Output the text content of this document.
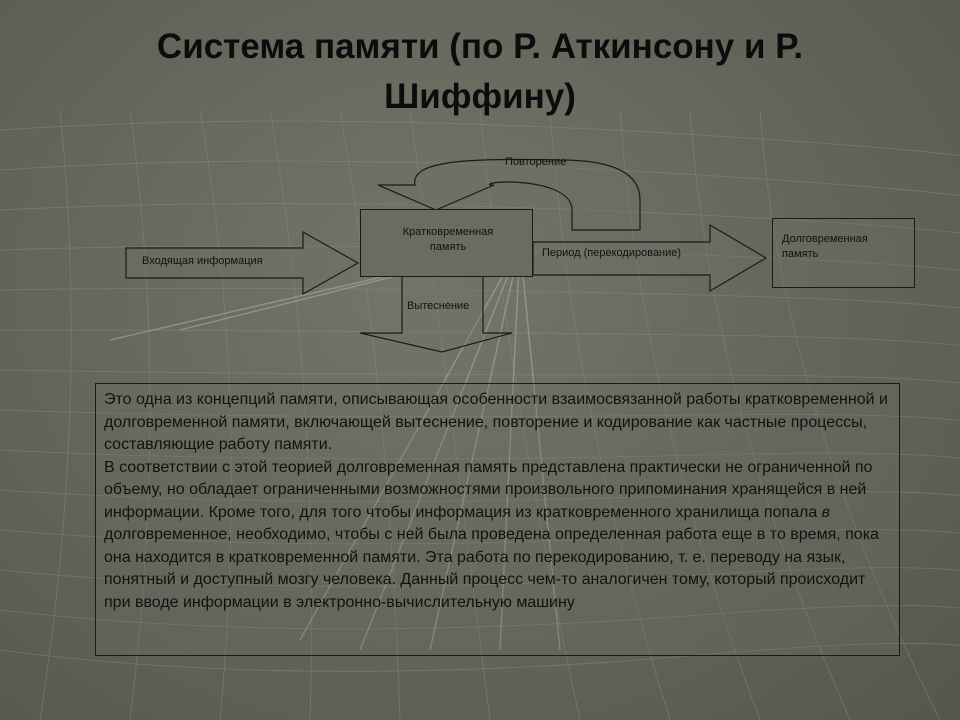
Система памяти (по Р. Аткинсону и Р. Шиффину)
Кратковременная память
Входящая информация
Повторение
Период (перекодирование)
Долговременная память
Вытеснение

Это одна из концепций памяти, описывающая особенности взаимосвязанной работы кратковременной и долговременной памяти, включающей вытеснение, повторение и кодирование как частные процессы, составляющие работу памяти.

В соответствии с этой теорией долговременная память представлена практически не ограниченной по объему, но обладает ограниченными возможностями произвольного припоминания хранящейся в ней информации. Кроме того, для того чтобы информация из кратковременного хранилища попала в долговременное, необходимо, чтобы с ней была проведена определенная работа еще в то время, пока она находится в кратковременной памяти. Эта работа по перекодированию, т. е. переводу на язык, понятный и доступный мозгу человека. Данный процесс чем-то аналогичен тому, который происходит при вводе информации в электронно-вычислительную машину
